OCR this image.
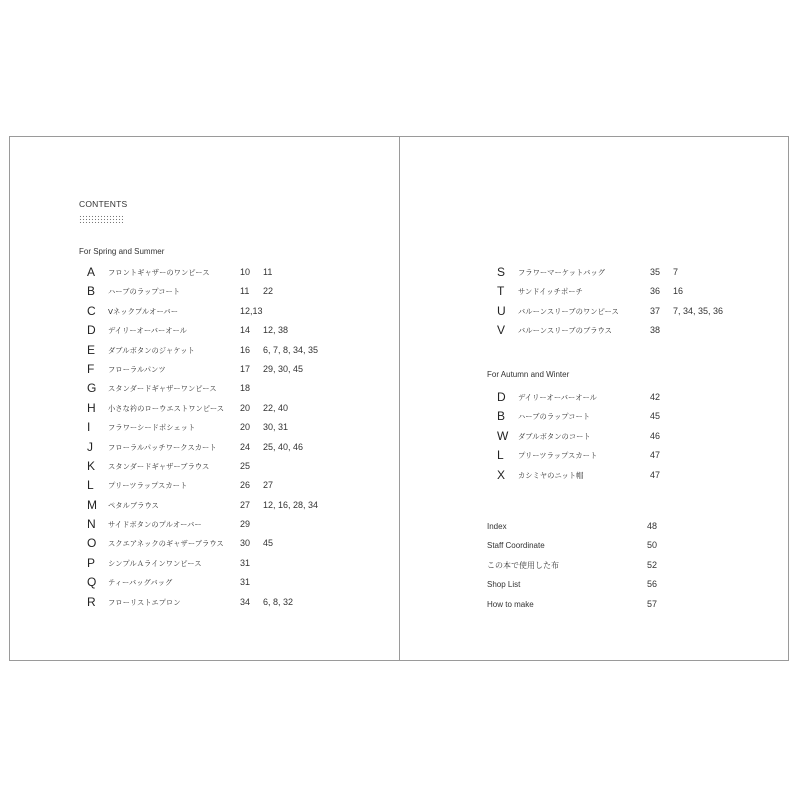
CONTENTS
For Spring and Summer
A フロントギャザーのワンピース	10 11
B ハーブのラップコート	11 22
C Vネックプルオーバー	12,13
D デイリーオーバーオール	14 12, 38
E ダブルボタンのジャケット	16 6, 7, 8, 34, 35
F フローラルパンツ	17 29, 30, 45
G スタンダードギャザーワンピース	18
H 小さな衿のローウエストワンピース 20 22, 40
I フラワーシードポシェット	20 30, 31
J フローラルパッチワークスカート	24 25, 40, 46
K スタンダードギャザーブラウス	25
L プリーツラップスカート	26 27
M ペタルブラウス	27 12, 16, 28, 34
N サイドボタンのプルオーバー	29
O スクエアネックのギャザーブラウス 30 45
P シンプルＡラインワンピース	31
Q ティーバッグバッグ	31
R フローリストエプロン	34 6, 8, 32
S フラワーマーケットバッグ	35 7
T サンドイッチポーチ	36 16
U バルーンスリーブのワンピース	37 7, 34, 35, 36
V バルーンスリーブのブラウス	38
For Autumn and Winter
D デイリーオーバーオール	42
B ハーブのラップコート	45
W ダブルボタンのコート	46
L プリーツラップスカート	47
X カシミヤのニット帽	47
Index	48
Staff Coordinate	50
この本で使用した布	52
Shop List	56
How to make	57
